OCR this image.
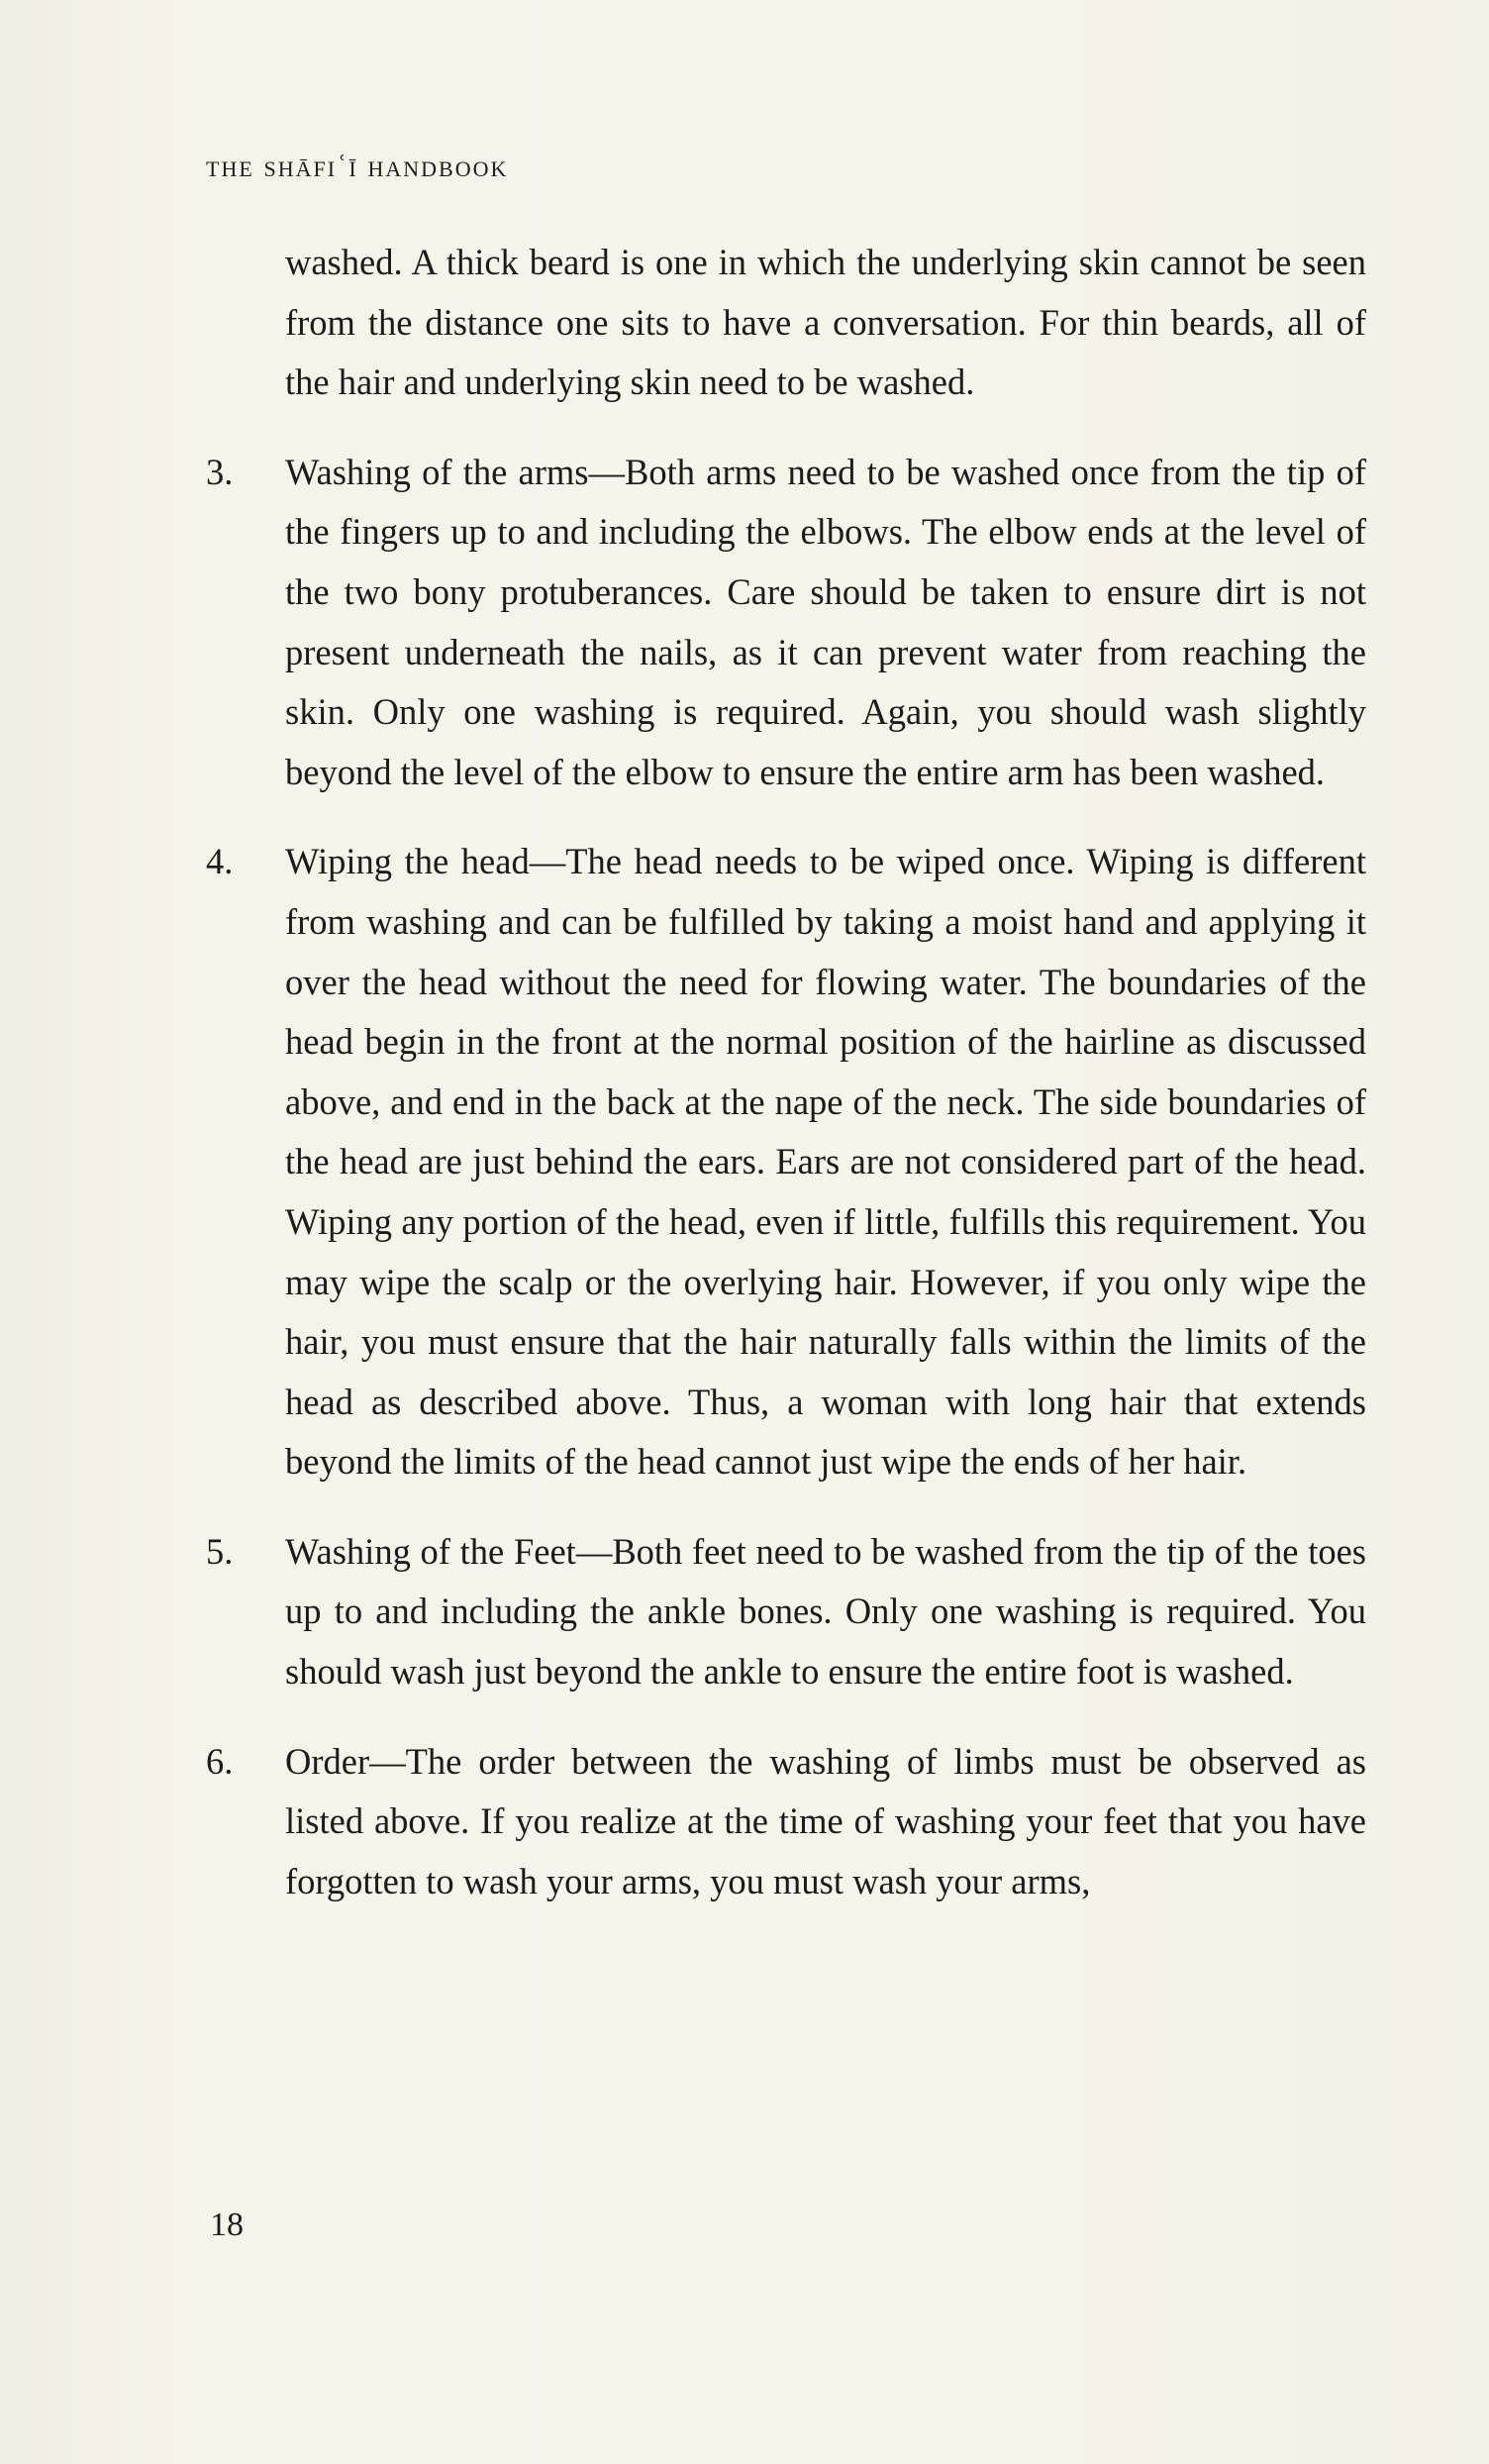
the shāfiʿī handbook

washed. A thick beard is one in which the underlying skin cannot be seen from the distance one sits to have a conversation. For thin beards, all of the hair and underlying skin need to be washed.

3. Washing of the arms—Both arms need to be washed once from the tip of the fingers up to and including the elbows. The elbow ends at the level of the two bony protuberances. Care should be taken to ensure dirt is not present underneath the nails, as it can prevent water from reaching the skin. Only one washing is required. Again, you should wash slightly beyond the level of the elbow to ensure the entire arm has been washed.
4. Wiping the head—The head needs to be wiped once. Wiping is different from washing and can be fulfilled by taking a moist hand and applying it over the head without the need for flowing water. The boundaries of the head begin in the front at the normal position of the hairline as discussed above, and end in the back at the nape of the neck. The side boundaries of the head are just behind the ears. Ears are not considered part of the head. Wiping any portion of the head, even if little, fulfills this requirement. You may wipe the scalp or the overlying hair. However, if you only wipe the hair, you must ensure that the hair naturally falls within the limits of the head as described above. Thus, a woman with long hair that extends beyond the limits of the head cannot just wipe the ends of her hair.
5. Washing of the Feet—Both feet need to be washed from the tip of the toes up to and including the ankle bones. Only one washing is required. You should wash just beyond the ankle to ensure the entire foot is washed.
6. Order—The order between the washing of limbs must be observed as listed above. If you realize at the time of washing your feet that you have forgotten to wash your arms, you must wash your arms,
18
